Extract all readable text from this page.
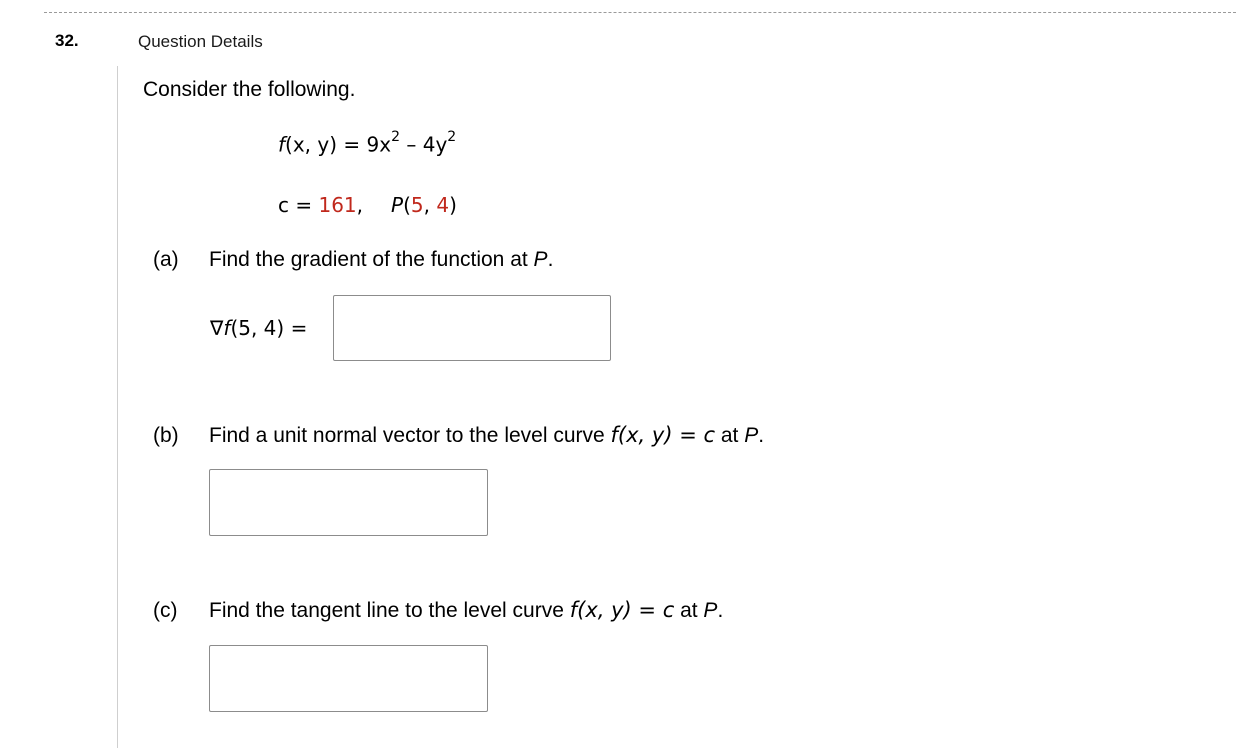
32.	Question Details
Consider the following.
f(x, $y) = 9x^2 - 4y^2$
c = 161, P(5, 4)
(a) Find the gradient of the function at P.
∇f(5, 4) =
(b) Find a unit normal vector to the level curve f(x, y) = c at P.
(c) Find the tangent line to the level curve f(x, y) = c at P.
